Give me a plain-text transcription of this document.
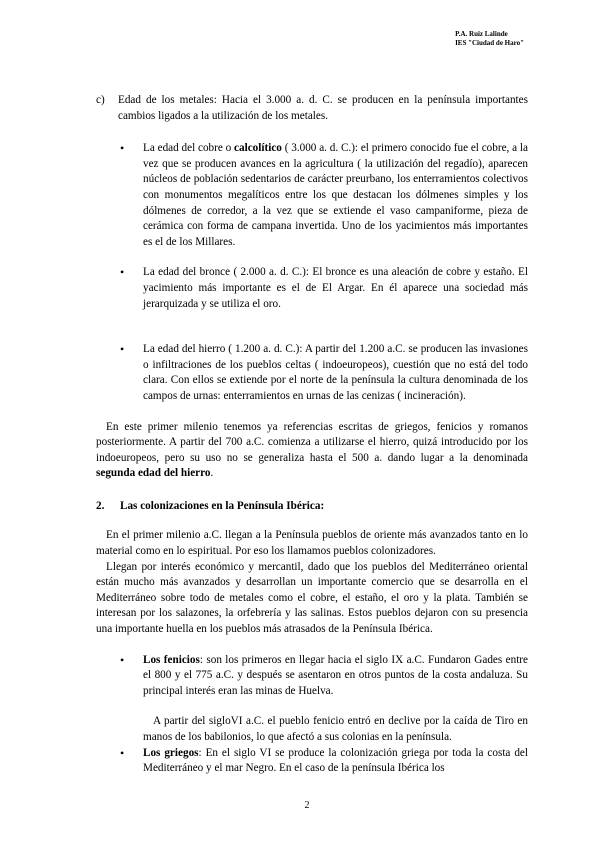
P.A. Ruiz Lalinde
IES "Ciudad de Haro"
c)	Edad de los metales: Hacia el 3.000 a. d. C. se producen en la península importantes cambios ligados a la utilización de los metales.
•	La edad del cobre o calcolítico ( 3.000 a. d. C.): el primero conocido fue el cobre, a la vez que se producen avances en la agricultura ( la utilización del regadío), aparecen núcleos de población sedentarios de carácter preurbano, los enterramientos colectivos con monumentos megalíticos entre los que destacan los dólmenes simples y los dólmenes de corredor, a la vez que se extiende el vaso campaniforme, pieza de cerámica con forma de campana invertida. Uno de los yacimientos más importantes es el de los Millares.
•	La edad del bronce ( 2.000 a. d. C.): El bronce es una aleación de cobre y estaño. El yacimiento más importante es el de El Argar. En él aparece una sociedad más jerarquizada y se utiliza el oro.
•	La edad del hierro ( 1.200 a. d. C.): A partir del 1.200 a.C. se producen las invasiones o infiltraciones de los pueblos celtas ( indoeuropeos), cuestión que no está del todo clara. Con ellos se extiende por el norte de la península la cultura denominada de los campos de urnas: enterramientos en urnas de las cenizas ( incineración).

En este primer milenio tenemos ya referencias escritas de griegos, fenicios y romanos posteriormente. A partir del 700 a.C. comienza a utilizarse el hierro, quizá introducido por los indoeuropeos, pero su uso no se generaliza hasta el 500 a. dando lugar a la denominada segunda edad del hierro.

2.	Las colonizaciones en la Península Ibérica:

En el primer milenio a.C. llegan a la Península pueblos de oriente más avanzados tanto en lo material como en lo espiritual. Por eso los llamamos pueblos colonizadores.

Llegan por interés económico y mercantil, dado que los pueblos del Mediterráneo oriental están mucho más avanzados y desarrollan un importante comercio que se desarrolla en el Mediterráneo sobre todo de metales como el cobre, el estaño, el oro y la plata. También se interesan por los salazones, la orfebrería y las salinas. Estos pueblos dejaron con su presencia una importante huella en los pueblos más atrasados de la Península Ibérica.

•	Los fenicios: son los primeros en llegar hacia el siglo IX a.C. Fundaron Gades entre el 800 y el 775 a.C. y después se asentaron en otros puntos de la costa andaluza. Su principal interés eran las minas de Huelva.

A partir del sigloVI a.C. el pueblo fenicio entró en declive por la caída de Tiro en manos de los babilonios, lo que afectó a sus colonias en la península.

•	Los griegos: En el siglo VI se produce la colonización griega por toda la costa del Mediterráneo y el mar Negro. En el caso de la península Ibérica los
2
